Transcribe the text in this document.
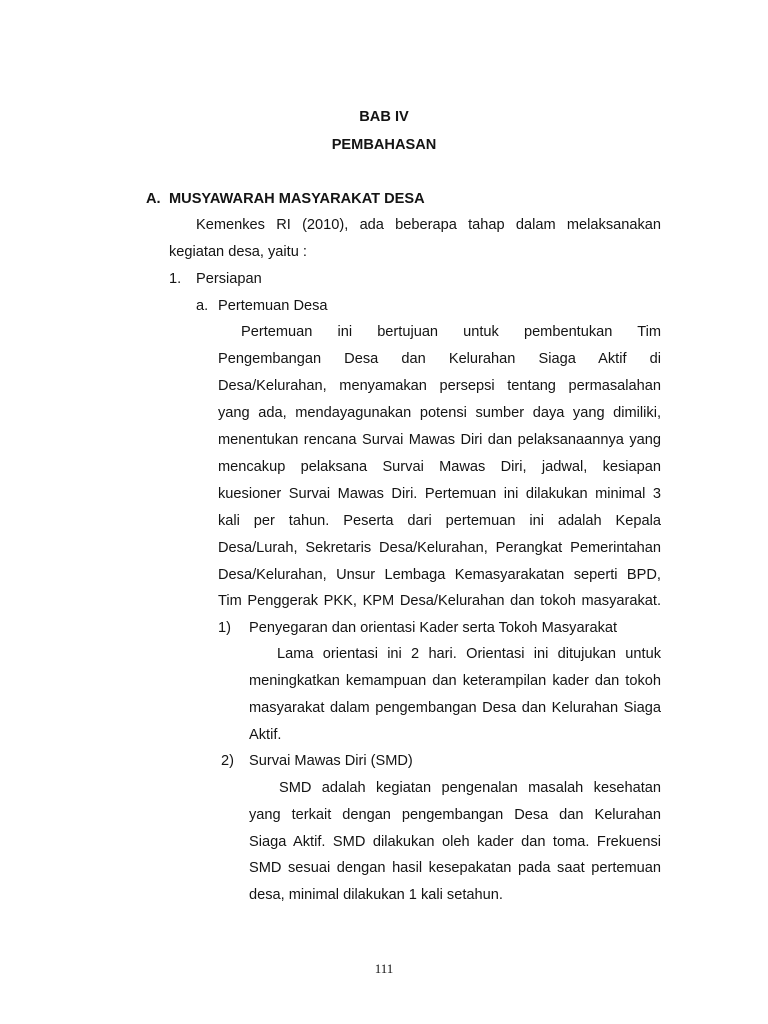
BAB IV
PEMBAHASAN
A. MUSYAWARAH MASYARAKAT DESA
Kemenkes RI (2010), ada beberapa tahap dalam melaksanakan
kegiatan desa, yaitu :
1. Persiapan
a. Pertemuan Desa
Pertemuan ini bertujuan untuk pembentukan Tim
Pengembangan Desa dan Kelurahan Siaga Aktif di
Desa/Kelurahan, menyamakan persepsi tentang permasalahan
yang ada, mendayagunakan potensi sumber daya yang dimiliki,
menentukan rencana Survai Mawas Diri dan pelaksanaannya yang
mencakup pelaksana Survai Mawas Diri, jadwal, kesiapan
kuesioner Survai Mawas Diri. Pertemuan ini dilakukan minimal 3
kali per tahun. Peserta dari pertemuan ini adalah Kepala
Desa/Lurah, Sekretaris Desa/Kelurahan, Perangkat Pemerintahan
Desa/Kelurahan, Unsur Lembaga Kemasyarakatan seperti BPD,
Tim Penggerak PKK, KPM Desa/Kelurahan dan tokoh masyarakat.
1) Penyegaran dan orientasi Kader serta Tokoh Masyarakat
Lama orientasi ini 2 hari. Orientasi ini ditujukan untuk
meningkatkan kemampuan dan keterampilan kader dan tokoh
masyarakat dalam pengembangan Desa dan Kelurahan Siaga
Aktif.
2) Survai Mawas Diri (SMD)
SMD adalah kegiatan pengenalan masalah kesehatan
yang terkait dengan pengembangan Desa dan Kelurahan
Siaga Aktif. SMD dilakukan oleh kader dan toma. Frekuensi
SMD sesuai dengan hasil kesepakatan pada saat pertemuan
desa, minimal dilakukan 1 kali setahun.
111
